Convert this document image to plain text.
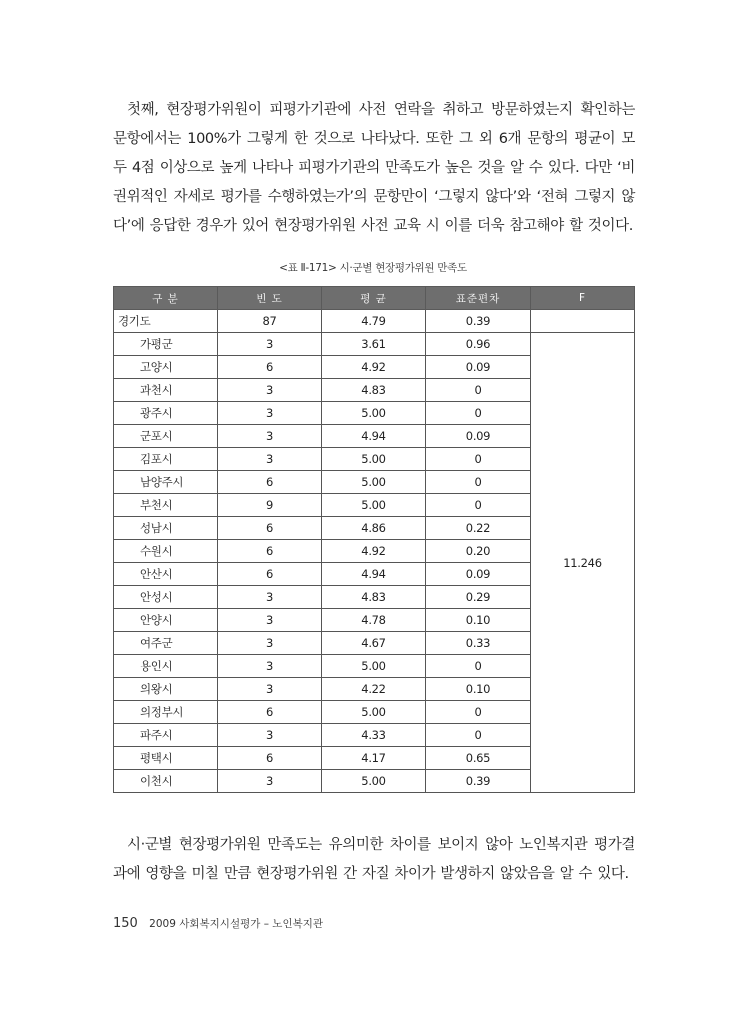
첫째, 현장평가위원이 피평가기관에 사전 연락을 취하고 방문하였는지 확인하는 문항에서는 100%가 그렇게 한 것으로 나타났다. 또한 그 외 6개 문항의 평균이 모두 4점 이상으로 높게 나타나 피평가기관의 만족도가 높은 것을 알 수 있다. 다만 ‘비권위적인 자세로 평가를 수행하였는가’의 문항만이 ‘그렇지 않다’와 ‘전혀 그렇지 않다’에 응답한 경우가 있어 현장평가위원 사전 교육 시 이를 더욱 참고해야 할 것이다.

<표 Ⅱ-171> 시‧군별 현장평가위원 만족도
구 분	빈 도	평 균	표준편차	F
경기도	87	4.79	0.39	
가평군	3	3.61	0.96	11.246
고양시	6	4.92	0.09	
과천시	3	4.83	0	
광주시	3	5.00	0	
군포시	3	4.94	0.09	
김포시	3	5.00	0	
남양주시	6	5.00	0	
부천시	9	5.00	0	
성남시	6	4.86	0.22	
수원시	6	4.92	0.20	
안산시	6	4.94	0.09	
안성시	3	4.83	0.29	
안양시	3	4.78	0.10	
여주군	3	4.67	0.33	
용인시	3	5.00	0	
의왕시	3	4.22	0.10	
의정부시	6	5.00	0	
파주시	3	4.33	0	
평택시	6	4.17	0.65	
이천시	3	5.00	0.39	

시‧군별 현장평가위원 만족도는 유의미한 차이를 보이지 않아 노인복지관 평가결과에 영향을 미칠 만큼 현장평가위원 간 자질 차이가 발생하지 않았음을 알 수 있다.

150 2009 사회복지시설평가 – 노인복지관
